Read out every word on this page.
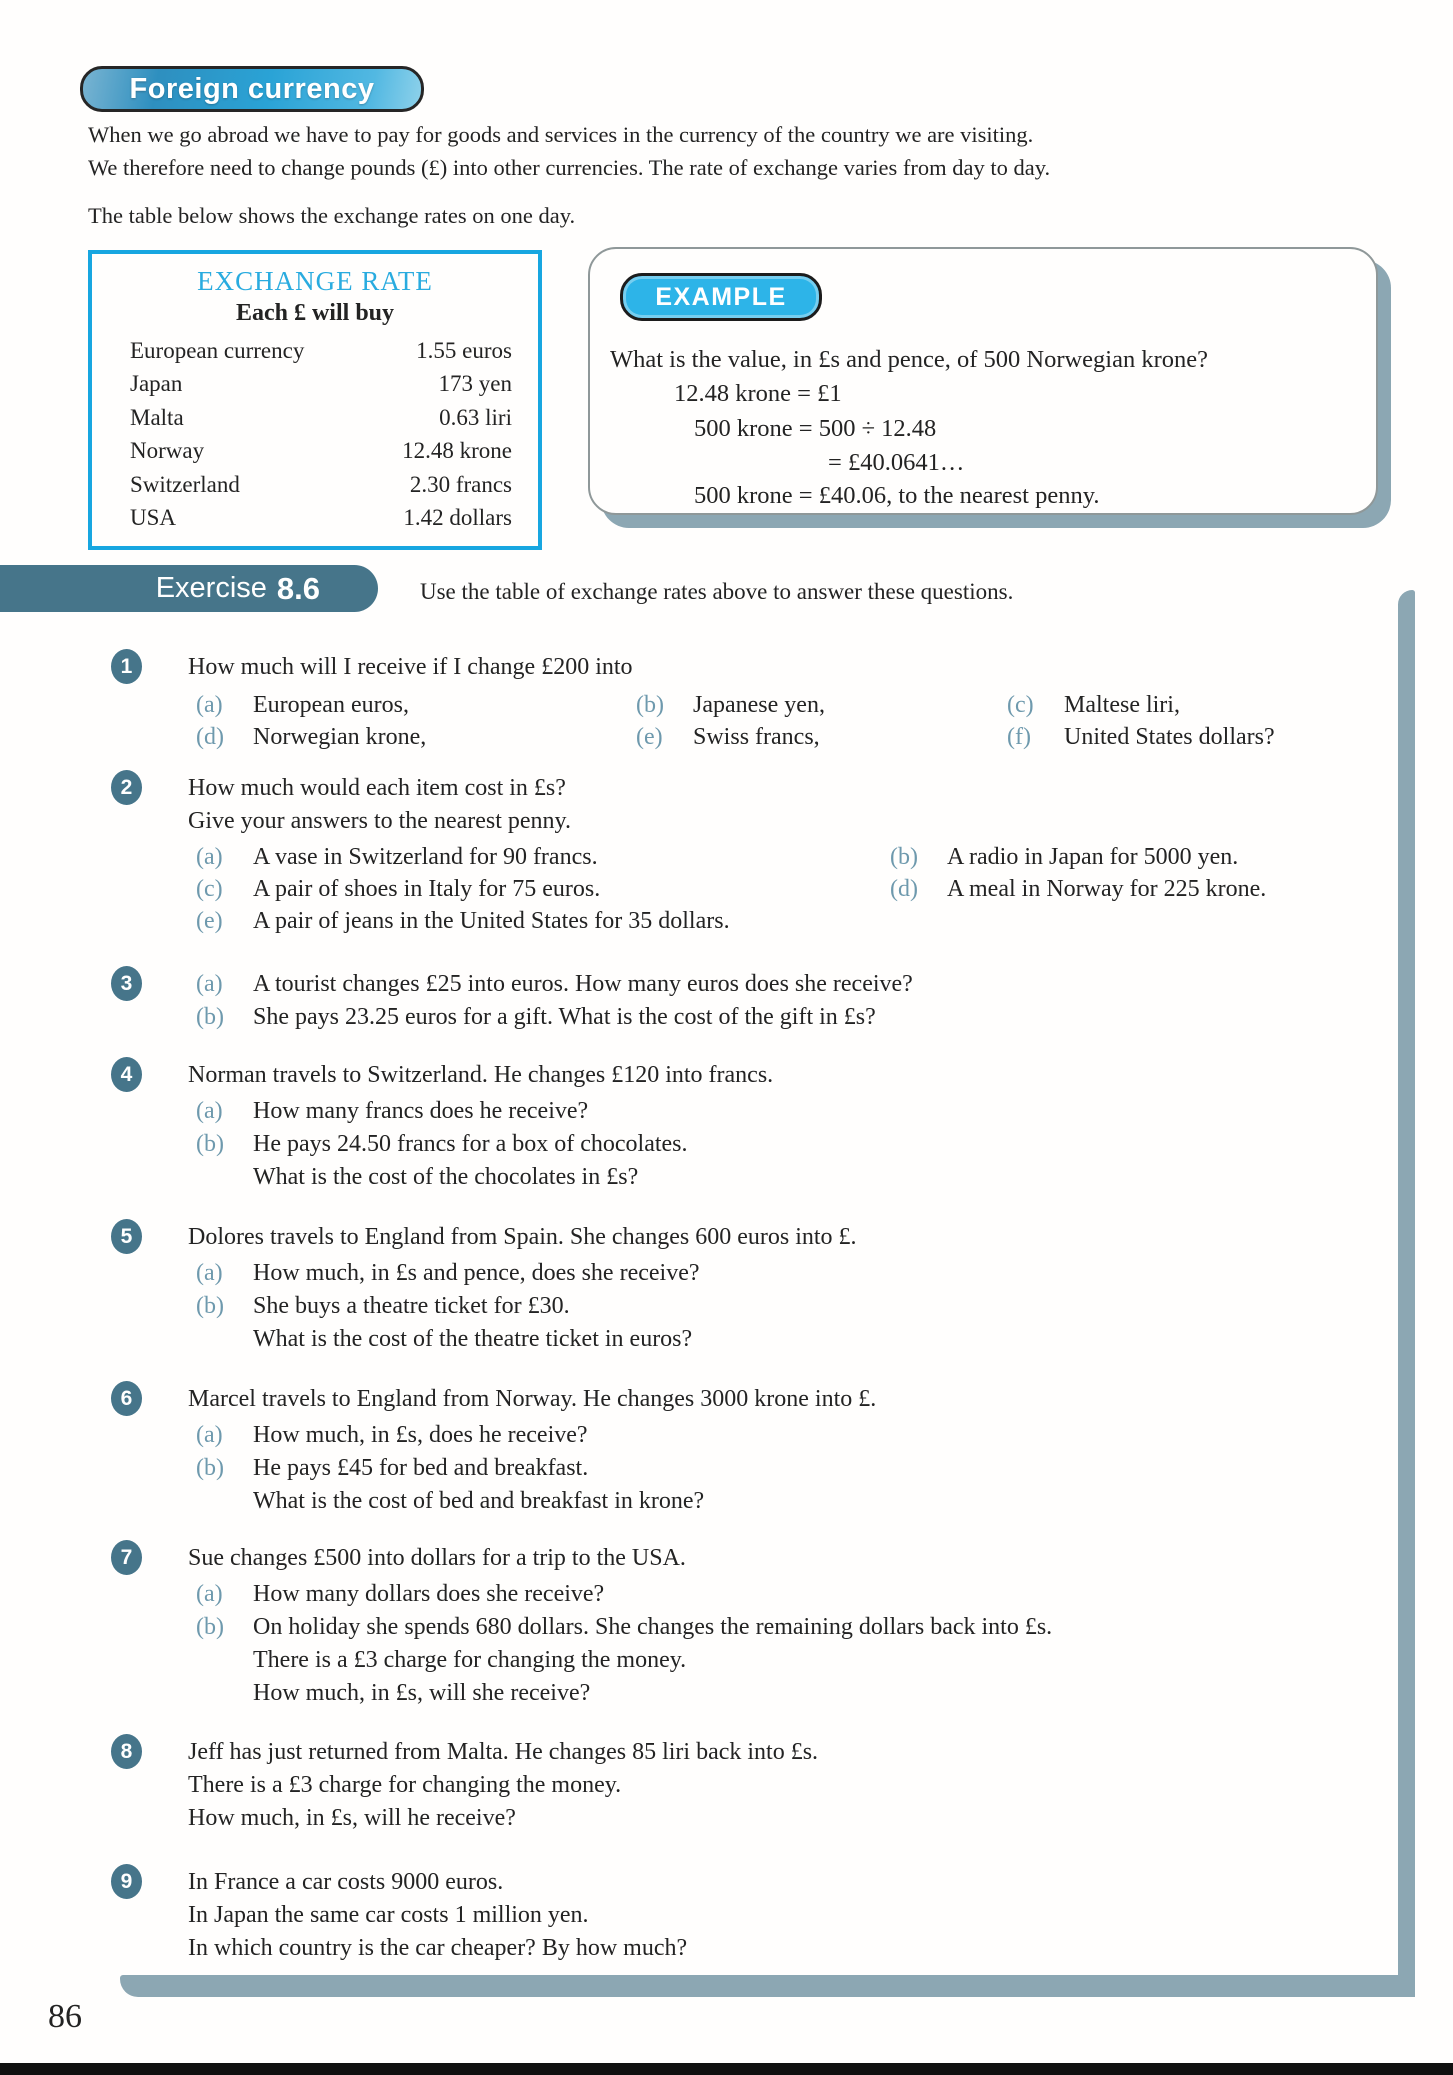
Foreign currency

When we go abroad we have to pay for goods and services in the currency of the country we are visiting.

We therefore need to change pounds (£) into other currencies. The rate of exchange varies from day to day.

The table below shows the exchange rates on one day.

EXCHANGE RATE
Each £ will buy
European currency	1.55 euros
Japan	173 yen
Malta	0.63 liri
Norway	12.48 krone
Switzerland	2.30 francs
USA	1.42 dollars
EXAMPLE
What is the value, in £s and pence, of 500 Norwegian krone?
12.48 krone = £1
500 krone = 500 ÷ 12.48
= £40.0641…
500 krone = £40.06, to the nearest penny.
Exercise 8.6	Use the table of exchange rates above to answer these questions.

1	How much will I receive if I change £200 into
(a)	European euros,	(b)	Japanese yen,	(c)	Maltese liri,
(d)	Norwegian krone,	(e)	Swiss francs,	(f)	United States dollars?
2	How much would each item cost in £s?
Give your answers to the nearest penny.
(a)	A vase in Switzerland for 90 francs.	(b)	A radio in Japan for 5000 yen.
(c)	A pair of shoes in Italy for 75 euros.	(d)	A meal in Norway for 225 krone.
(e)	A pair of jeans in the United States for 35 dollars.
3	(a)	A tourist changes £25 into euros. How many euros does she receive?
(b)	She pays 23.25 euros for a gift. What is the cost of the gift in £s?
4	Norman travels to Switzerland. He changes £120 into francs.
(a)	How many francs does he receive?
(b)	He pays 24.50 francs for a box of chocolates.
What is the cost of the chocolates in £s?
5	Dolores travels to England from Spain. She changes 600 euros into £.
(a)	How much, in £s and pence, does she receive?
(b)	She buys a theatre ticket for £30.
What is the cost of the theatre ticket in euros?
6	Marcel travels to England from Norway. He changes 3000 krone into £.
(a)	How much, in £s, does he receive?
(b)	He pays £45 for bed and breakfast.
What is the cost of bed and breakfast in krone?
7	Sue changes £500 into dollars for a trip to the USA.
(a)	How many dollars does she receive?
(b)	On holiday she spends 680 dollars. She changes the remaining dollars back into £s.
There is a £3 charge for changing the money.
How much, in £s, will she receive?
8	Jeff has just returned from Malta. He changes 85 liri back into £s.
There is a £3 charge for changing the money.
How much, in £s, will he receive?
9	In France a car costs 9000 euros.
In Japan the same car costs 1 million yen.
In which country is the car cheaper? By how much?
86
